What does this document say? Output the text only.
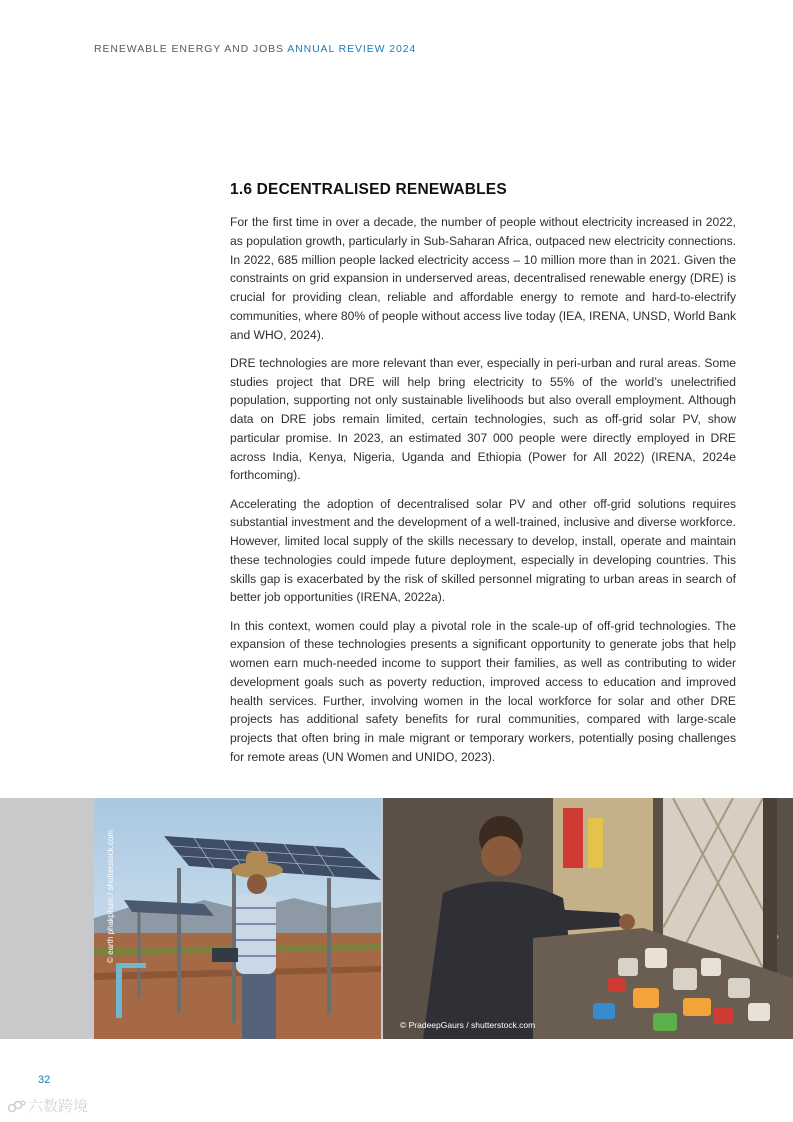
RENEWABLE ENERGY AND JOBS ANNUAL REVIEW 2024
1.6 DECENTRALISED RENEWABLES

For the first time in over a decade, the number of people without electricity increased in 2022, as population growth, particularly in Sub-Saharan Africa, outpaced new electricity connections. In 2022, 685 million people lacked electricity access – 10 million more than in 2021. Given the constraints on grid expansion in underserved areas, decentralised renewable energy (DRE) is crucial for providing clean, reliable and affordable energy to remote and hard-to-electrify communities, where 80% of people without access live today (IEA, IRENA, UNSD, World Bank and WHO, 2024).

DRE technologies are more relevant than ever, especially in peri-urban and rural areas. Some studies project that DRE will help bring electricity to 55% of the world’s unelectrified population, supporting not only sustainable livelihoods but also overall employment. Although data on DRE jobs remain limited, certain technologies, such as off-grid solar PV, show particular promise. In 2023, an estimated 307 000 people were directly employed in DRE across India, Kenya, Nigeria, Uganda and Ethiopia (Power for All 2022) (IRENA, 2024e forthcoming).

Accelerating the adoption of decentralised solar PV and other off-grid solutions requires substantial investment and the development of a well-trained, inclusive and diverse workforce. However, limited local supply of the skills necessary to develop, install, operate and maintain these technologies could impede future deployment, especially in developing countries. This skills gap is exacerbated by the risk of skilled personnel migrating to urban areas in search of better job opportunities (IRENA, 2022a).

In this context, women could play a pivotal role in the scale-up of off-grid technologies. The expansion of these technologies presents a significant opportunity to generate jobs that help women earn much-needed income to support their families, as well as contributing to wider development goals such as poverty reduction, improved access to education and improved health services. Further, involving women in the local workforce for solar and other DRE projects has additional safety benefits for rural communities, compared with large-scale projects that often bring in male migrant or temporary workers, potentially posing challenges for remote areas (UN Women and UNIDO, 2023).

© earth phakphum / shutterstock.com
© PradeepGaurs / shutterstock.com
32
六数跨境
